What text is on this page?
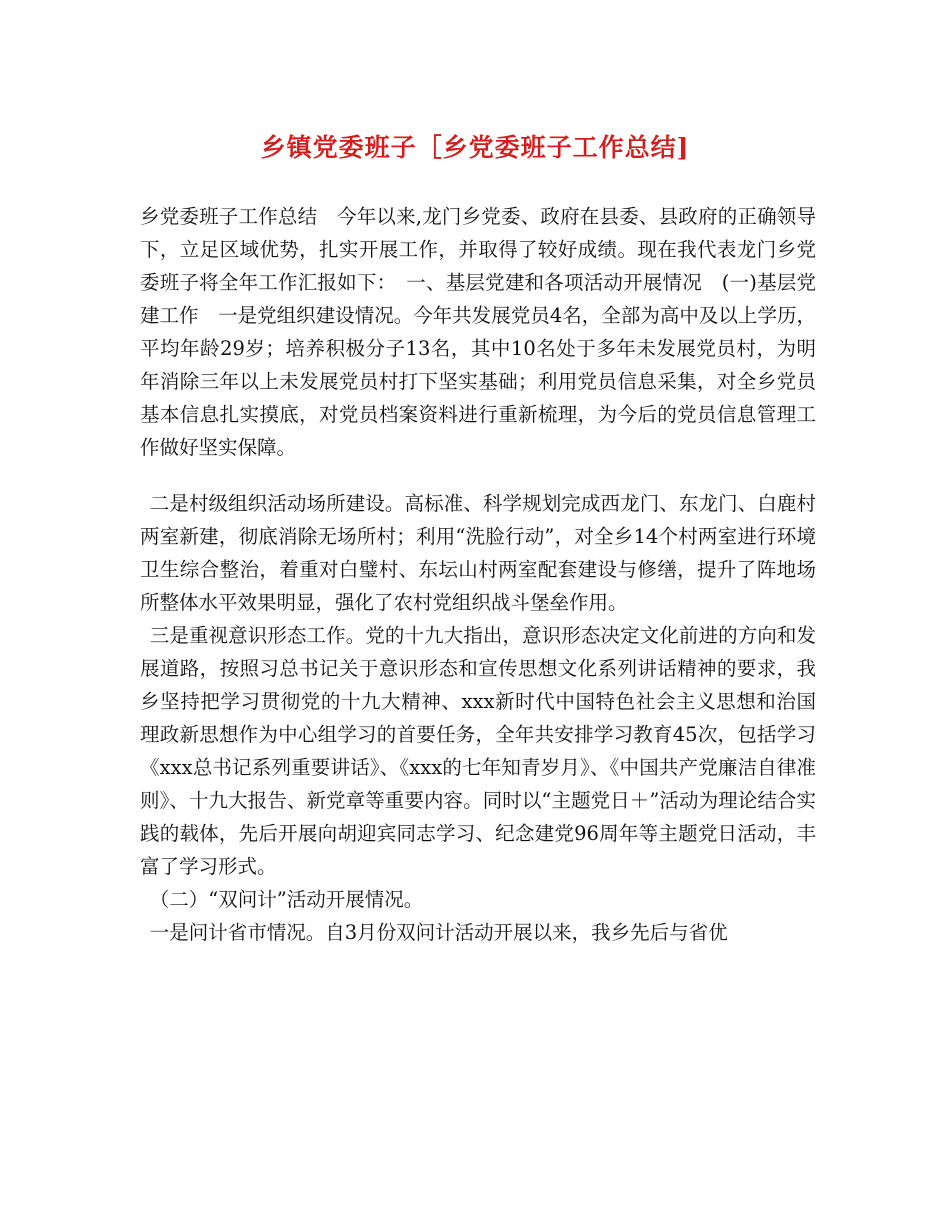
乡镇党委班子［乡党委班子工作总结]

乡党委班子工作总结　今年以来,龙门乡党委、政府在县委、县政府的正确领导下，立足区域优势，扎实开展工作，并取得了较好成绩。现在我代表龙门乡党委班子将全年工作汇报如下：　一、基层党建和各项活动开展情况　(一)基层党建工作　一是党组织建设情况。今年共发展党员4名，全部为高中及以上学历，平均年龄29岁；培养积极分子13名，其中10名处于多年未发展党员村，为明年消除三年以上未发展党员村打下坚实基础；利用党员信息采集，对全乡党员基本信息扎实摸底，对党员档案资料进行重新梳理，为今后的党员信息管理工作做好坚实保障。

二是村级组织活动场所建设。高标准、科学规划完成西龙门、东龙门、白鹿村两室新建，彻底消除无场所村；利用“洗脸行动”，对全乡14个村两室进行环境卫生综合整治，着重对白璧村、东坛山村两室配套建设与修缮，提升了阵地场所整体水平效果明显，强化了农村党组织战斗堡垒作用。

三是重视意识形态工作。党的十九大指出，意识形态决定文化前进的方向和发展道路，按照习总书记关于意识形态和宣传思想文化系列讲话精神的要求，我乡坚持把学习贯彻党的十九大精神、xxx新时代中国特色社会主义思想和治国理政新思想作为中心组学习的首要任务，全年共安排学习教育45次，包括学习《xxx总书记系列重要讲话》、《xxx的七年知青岁月》、《中国共产党廉洁自律准则》、十九大报告、新党章等重要内容。同时以“主题党日＋”活动为理论结合实践的载体，先后开展向胡迎宾同志学习、纪念建党96周年等主题党日活动，丰富了学习形式。

（二）“双问计”活动开展情况。

一是问计省市情况。自3月份双问计活动开展以来，我乡先后与省优
